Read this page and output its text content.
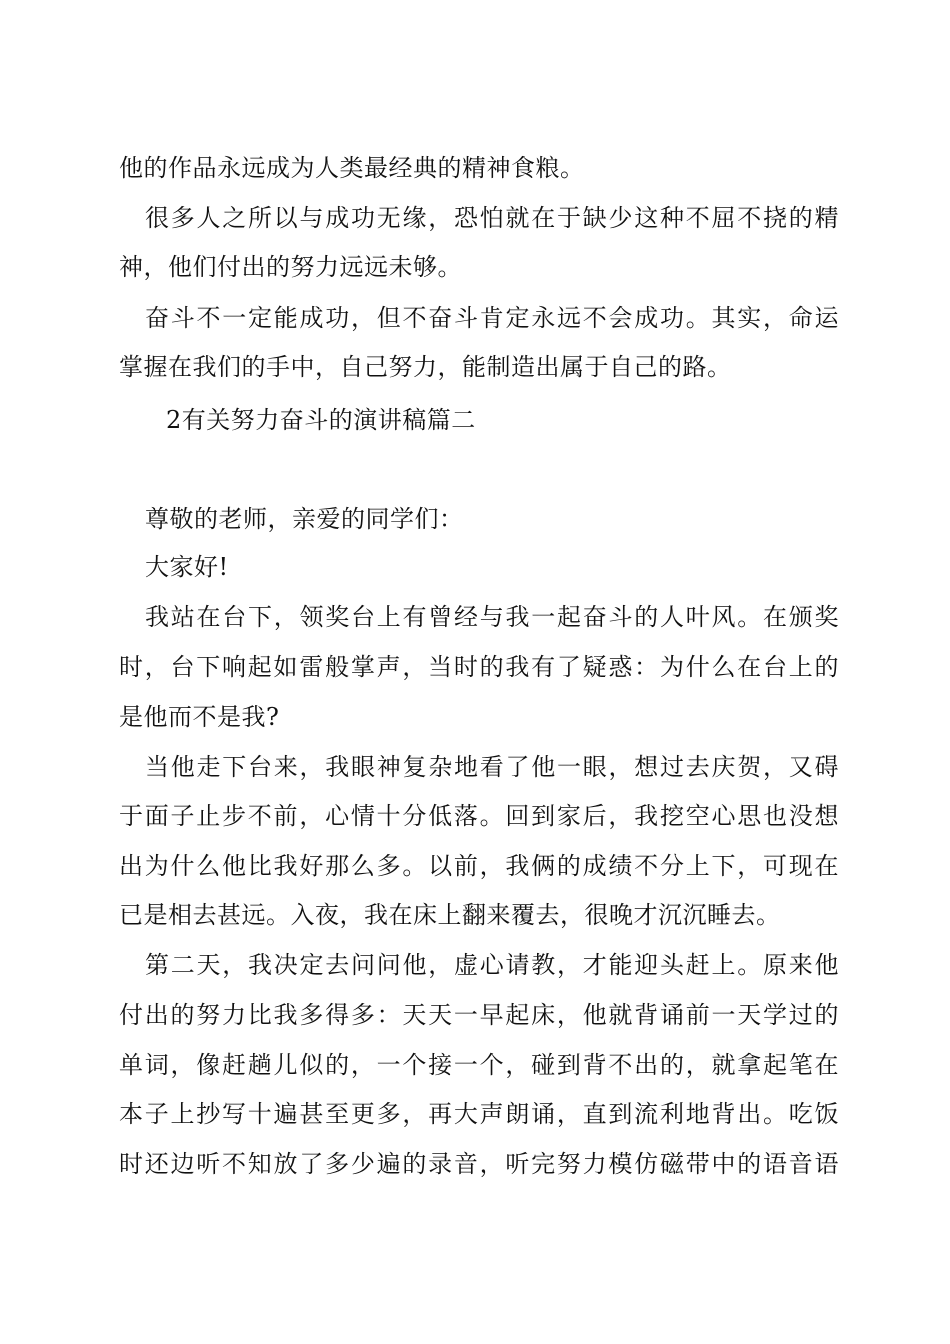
他的作品永远成为人类最经典的精神食粮。
很多人之所以与成功无缘，恐怕就在于缺少这种不屈不挠的精
神，他们付出的努力远远未够。
奋斗不一定能成功，但不奋斗肯定永远不会成功。其实，命运
掌握在我们的手中，自己努力，能制造出属于自己的路。
2有关努力奋斗的演讲稿篇二
尊敬的老师，亲爱的同学们：
大家好!
我站在台下，领奖台上有曾经与我一起奋斗的人叶风。在颁奖
时，台下响起如雷般掌声，当时的我有了疑惑：为什么在台上的
是他而不是我?
当他走下台来，我眼神复杂地看了他一眼，想过去庆贺，又碍
于面子止步不前，心情十分低落。回到家后，我挖空心思也没想
出为什么他比我好那么多。以前，我俩的成绩不分上下，可现在
已是相去甚远。入夜，我在床上翻来覆去，很晚才沉沉睡去。
第二天，我决定去问问他，虚心请教，才能迎头赶上。原来他
付出的努力比我多得多：天天一早起床，他就背诵前一天学过的
单词，像赶趟儿似的，一个接一个，碰到背不出的，就拿起笔在
本子上抄写十遍甚至更多，再大声朗诵，直到流利地背出。吃饭
时还边听不知放了多少遍的录音，听完努力模仿磁带中的语音语
